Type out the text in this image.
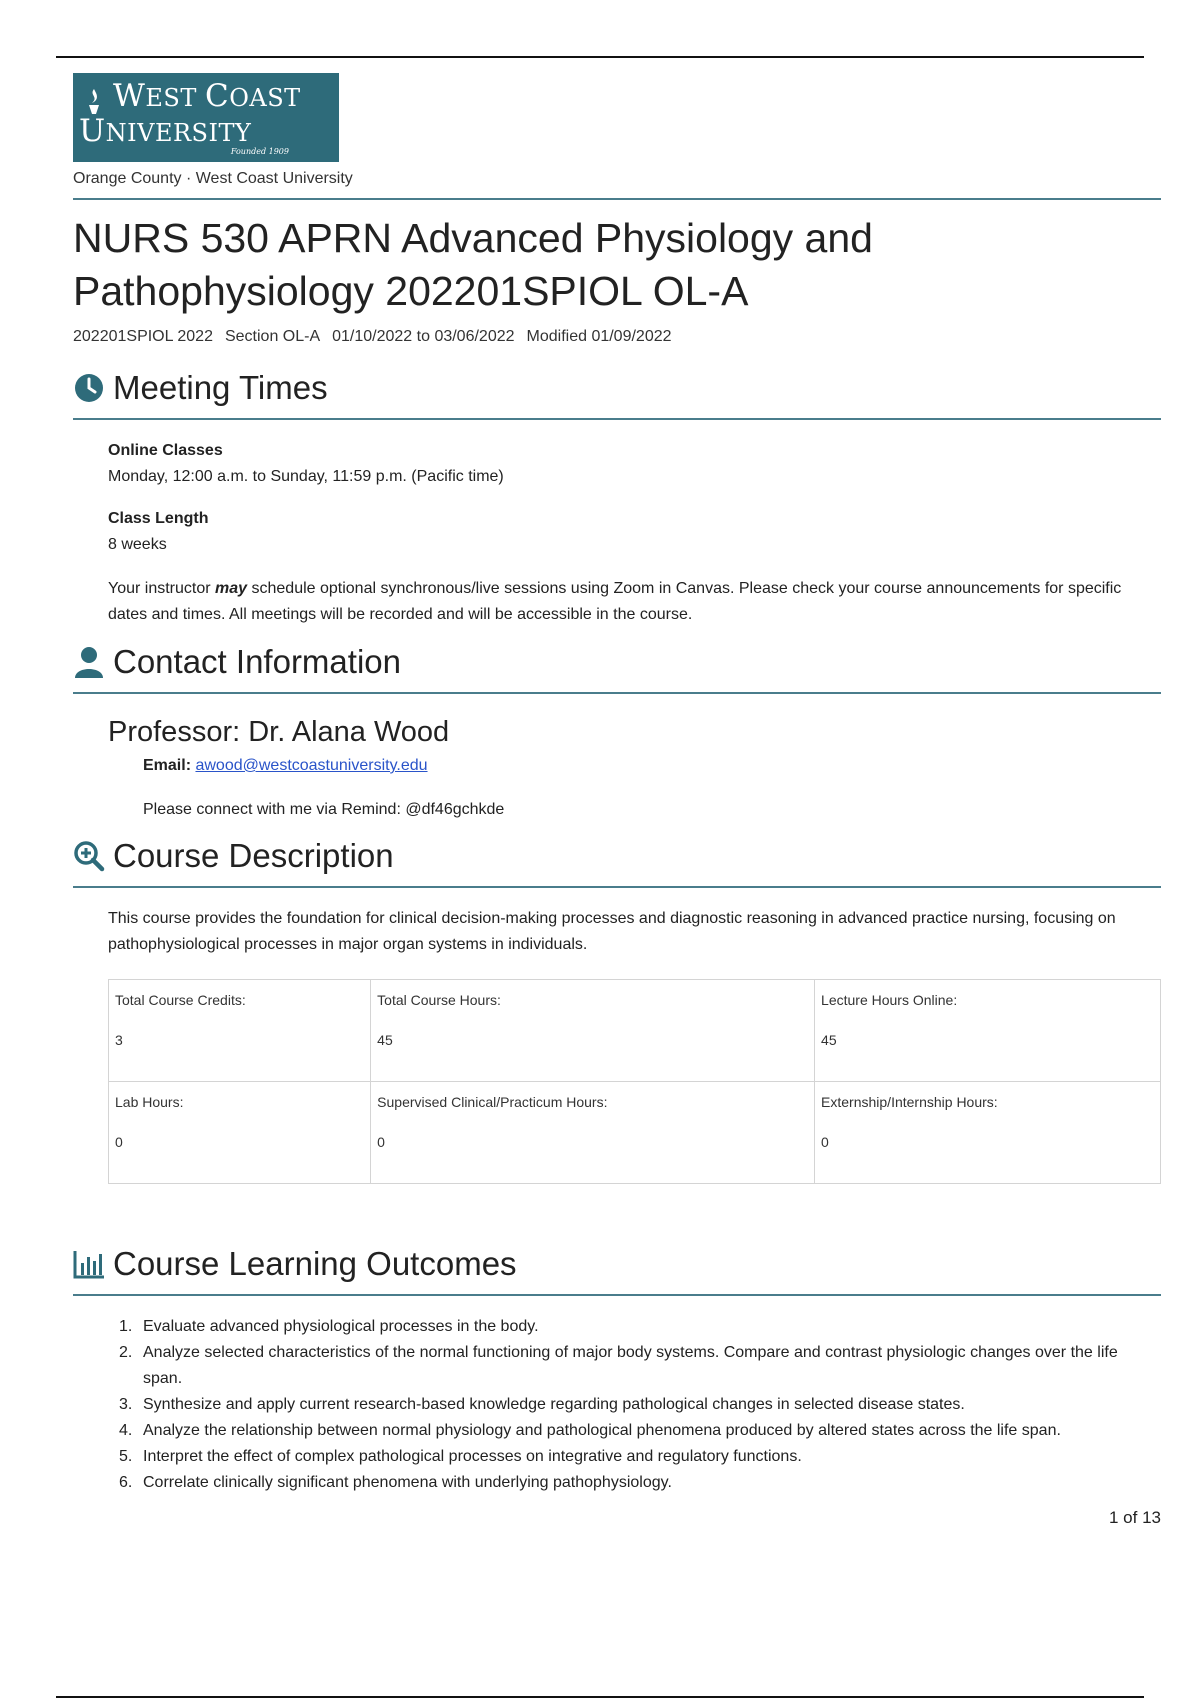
WEST COAST
UNIVERSITY
Founded 1909
Orange County · West Coast University
NURS 530 APRN Advanced Physiology and Pathophysiology 202201SPIOL OL-A
202201SPIOL 2022 Section OL-A 01/10/2022 to 03/06/2022 Modified 01/09/2022
Meeting Times
Online Classes
Monday, 12:00 a.m. to Sunday, 11:59 p.m. (Pacific time)
Class Length
8 weeks

Your instructor may schedule optional synchronous/live sessions using Zoom in Canvas. Please check your course announcements for specific dates and times. All meetings will be recorded and will be accessible in the course.

Contact Information
Professor: Dr. Alana Wood
Email: awood@westcoastuniversity.edu
Please connect with me via Remind: @df46gchkde
Course Description

This course provides the foundation for clinical decision-making processes and diagnostic reasoning in advanced practice nursing, focusing on pathophysiological processes in major organ systems in individuals.

Total Course Credits:
3	Total Course Hours:
45	Lecture Hours Online:
45

Lab Hours:
0	Supervised Clinical/Practicum Hours:
0	Externship/Internship Hours:
0
Course Learning Outcomes
Evaluate advanced physiological processes in the body.
Analyze selected characteristics of the normal functioning of major body systems. Compare and contrast physiologic changes over the life span.
Synthesize and apply current research-based knowledge regarding pathological changes in selected disease states.
Analyze the relationship between normal physiology and pathological phenomena produced by altered states across the life span.
Interpret the effect of complex pathological processes on integrative and regulatory functions.
Correlate clinically significant phenomena with underlying pathophysiology.
1 of 13
